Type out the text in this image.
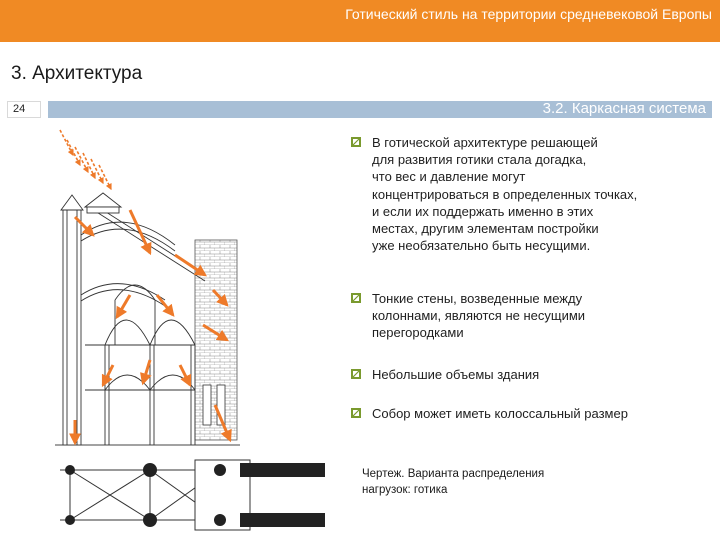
Готический стиль на территории средневековой Европы
3. Архитектура
24	3.2. Каркасная система
В готической архитектуре решающей
для развития готики стала догадка,
что вес и давление могут
концентрироваться в определенных точках,
и если их поддержать именно в этих
местах, другим элементам постройки
уже необязательно быть несущими.
Тонкие стены, возведенные между
колоннами, являются не несущими
перегородками
Небольшие объемы здания
Собор может иметь колоссальный размер
Чертеж. Варианта распределения
нагрузок: готика
